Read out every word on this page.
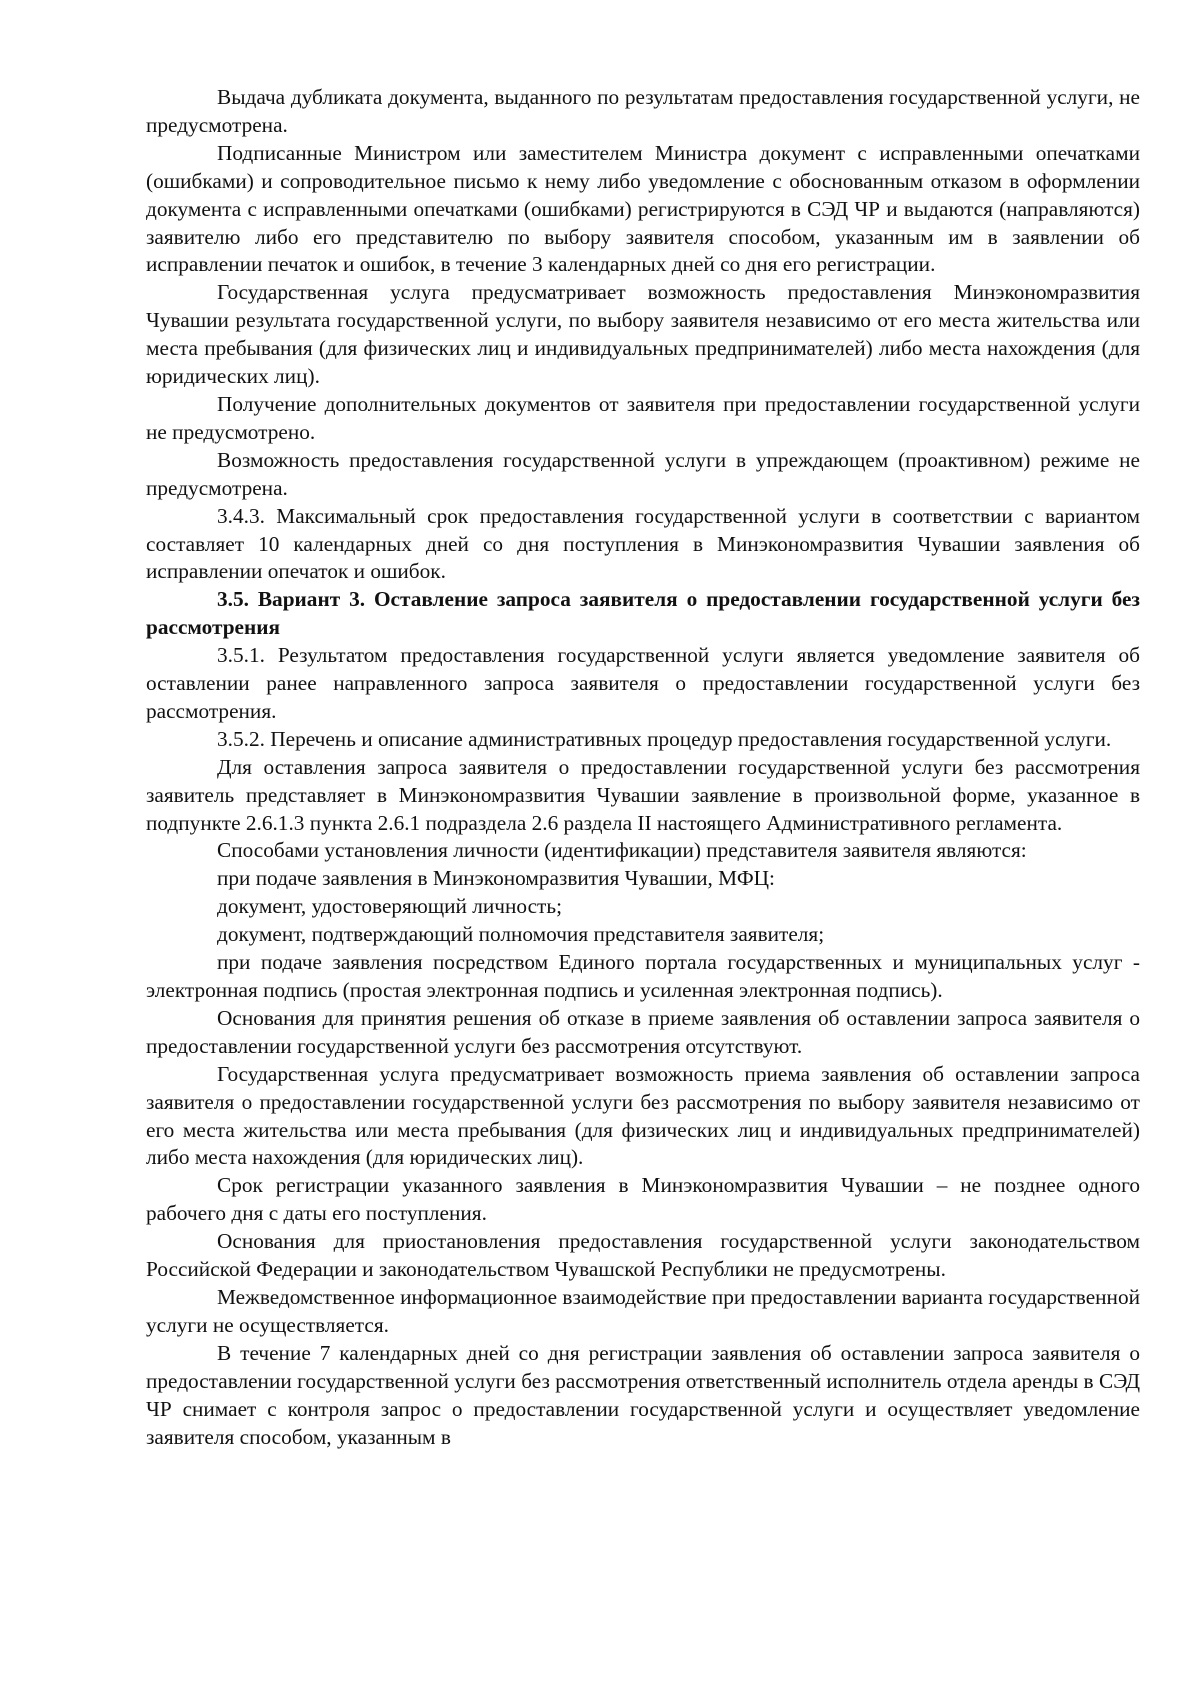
Выдача дубликата документа, выданного по результатам предоставления государственной услуги, не предусмотрена.

Подписанные Министром или заместителем Министра документ с исправленными опечатками (ошибками) и сопроводительное письмо к нему либо уведомление с обоснованным отказом в оформлении документа с исправленными опечатками (ошибками) регистрируются в СЭД ЧР и выдаются (направляются) заявителю либо его представителю по выбору заявителя способом, указанным им в заявлении об исправлении печаток и ошибок, в течение 3 календарных дней со дня его регистрации.

Государственная услуга предусматривает возможность предоставления Минэкономразвития Чувашии результата государственной услуги, по выбору заявителя независимо от его места жительства или места пребывания (для физических лиц и индивидуальных предпринимателей) либо места нахождения (для юридических лиц).

Получение дополнительных документов от заявителя при предоставлении государственной услуги не предусмотрено.

Возможность предоставления государственной услуги в упреждающем (проактивном) режиме не предусмотрена.

3.4.3. Максимальный срок предоставления государственной услуги в соответствии с вариантом составляет 10 календарных дней со дня поступления в Минэкономразвития Чувашии заявления об исправлении опечаток и ошибок.

3.5. Вариант 3. Оставление запроса заявителя о предоставлении государственной услуги без рассмотрения

3.5.1. Результатом предоставления государственной услуги является уведомление заявителя об оставлении ранее направленного запроса заявителя о предоставлении государственной услуги без рассмотрения.

3.5.2. Перечень и описание административных процедур предоставления государственной услуги.

Для оставления запроса заявителя о предоставлении государственной услуги без рассмотрения заявитель представляет в Минэкономразвития Чувашии заявление в произвольной форме, указанное в подпункте 2.6.1.3 пункта 2.6.1 подраздела 2.6 раздела II настоящего Административного регламента.

Способами установления личности (идентификации) представителя заявителя являются:

при подаче заявления в Минэкономразвития Чувашии, МФЦ:

документ, удостоверяющий личность;

документ, подтверждающий полномочия представителя заявителя;

при подаче заявления посредством Единого портала государственных и муниципальных услуг - электронная подпись (простая электронная подпись и усиленная электронная подпись).

Основания для принятия решения об отказе в приеме заявления об оставлении запроса заявителя о предоставлении государственной услуги без рассмотрения отсутствуют.

Государственная услуга предусматривает возможность приема заявления об оставлении запроса заявителя о предоставлении государственной услуги без рассмотрения по выбору заявителя независимо от его места жительства или места пребывания (для физических лиц и индивидуальных предпринимателей) либо места нахождения (для юридических лиц).

Срок регистрации указанного заявления в Минэкономразвития Чувашии – не позднее одного рабочего дня с даты его поступления.

Основания для приостановления предоставления государственной услуги законодательством Российской Федерации и законодательством Чувашской Республики не предусмотрены.

Межведомственное информационное взаимодействие при предоставлении варианта государственной услуги не осуществляется.

В течение 7 календарных дней со дня регистрации заявления об оставлении запроса заявителя о предоставлении государственной услуги без рассмотрения ответственный исполнитель отдела аренды в СЭД ЧР снимает с контроля запрос о предоставлении государственной услуги и осуществляет уведомление заявителя способом, указанным в
